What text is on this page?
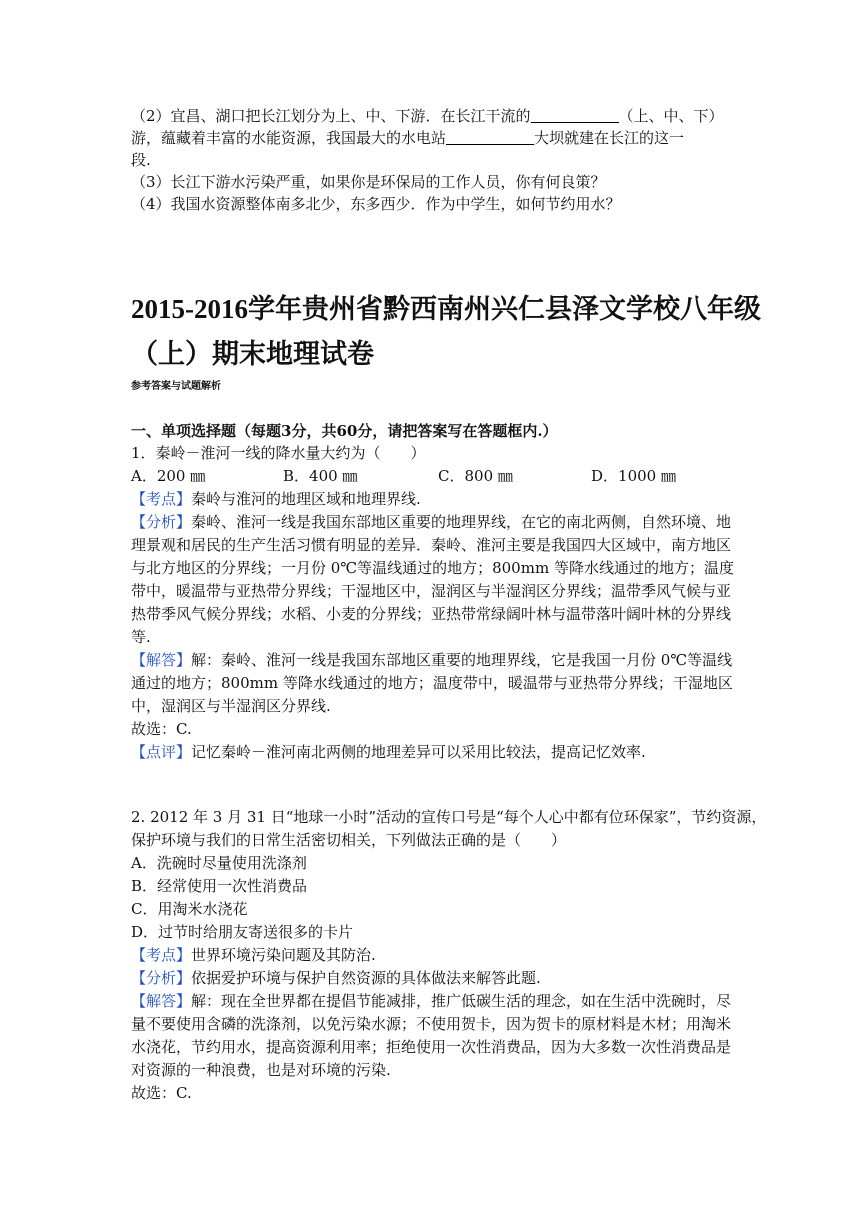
（2）宜昌、湖口把长江划分为上、中、下游．在长江干流的	（上、中、下）
游，蕴藏着丰富的水能资源，我国最大的水电站	大坝就建在长江的这一
段.
（3）长江下游水污染严重，如果你是环保局的工作人员，你有何良策？
（4）我国水资源整体南多北少，东多西少．作为中学生，如何节约用水？
2015-2016学年贵州省黔西南州兴仁县泽文学校八年级
（上）期末地理试卷
参考答案与试题解析
一、单项选择题（每题3分，共60分，请把答案写在答题框内.）
1．秦岭－淮河一线的降水量大约为（　　）
A．200 ㎜	B．400 ㎜	C．800 ㎜	D．1000 ㎜
【考点】秦岭与淮河的地理区域和地理界线.
【分析】秦岭、淮河一线是我国东部地区重要的地理界线，在它的南北两侧，自然环境、地
理景观和居民的生产生活习惯有明显的差异．秦岭、淮河主要是我国四大区域中，南方地区
与北方地区的分界线；一月份 0℃等温线通过的地方；800mm 等降水线通过的地方；温度
带中，暖温带与亚热带分界线；干湿地区中，湿润区与半湿润区分界线；温带季风气候与亚
热带季风气候分界线；水稻、小麦的分界线；亚热带常绿阔叶林与温带落叶阔叶林的分界线
等.
【解答】解：秦岭、淮河一线是我国东部地区重要的地理界线，它是我国一月份 0℃等温线
通过的地方；800mm 等降水线通过的地方；温度带中，暖温带与亚热带分界线；干湿地区
中，湿润区与半湿润区分界线.
故选：C.
【点评】记忆秦岭－淮河南北两侧的地理差异可以采用比较法，提高记忆效率.
2. 2012 年 3 月 31 日“地球一小时”活动的宣传口号是“每个人心中都有位环保家”，节约资源，
保护环境与我们的日常生活密切相关，下列做法正确的是（　　）
A．洗碗时尽量使用洗涤剂
B．经常使用一次性消费品
C．用淘米水浇花
D．过节时给朋友寄送很多的卡片
【考点】世界环境污染问题及其防治.
【分析】依据爱护环境与保护自然资源的具体做法来解答此题.
【解答】解：现在全世界都在提倡节能减排，推广低碳生活的理念，如在生活中洗碗时，尽
量不要使用含磷的洗涤剂，以免污染水源；不使用贺卡，因为贺卡的原材料是木材；用淘米
水浇花，节约用水，提高资源利用率；拒绝使用一次性消费品，因为大多数一次性消费品是
对资源的一种浪费，也是对环境的污染.
故选：C.
